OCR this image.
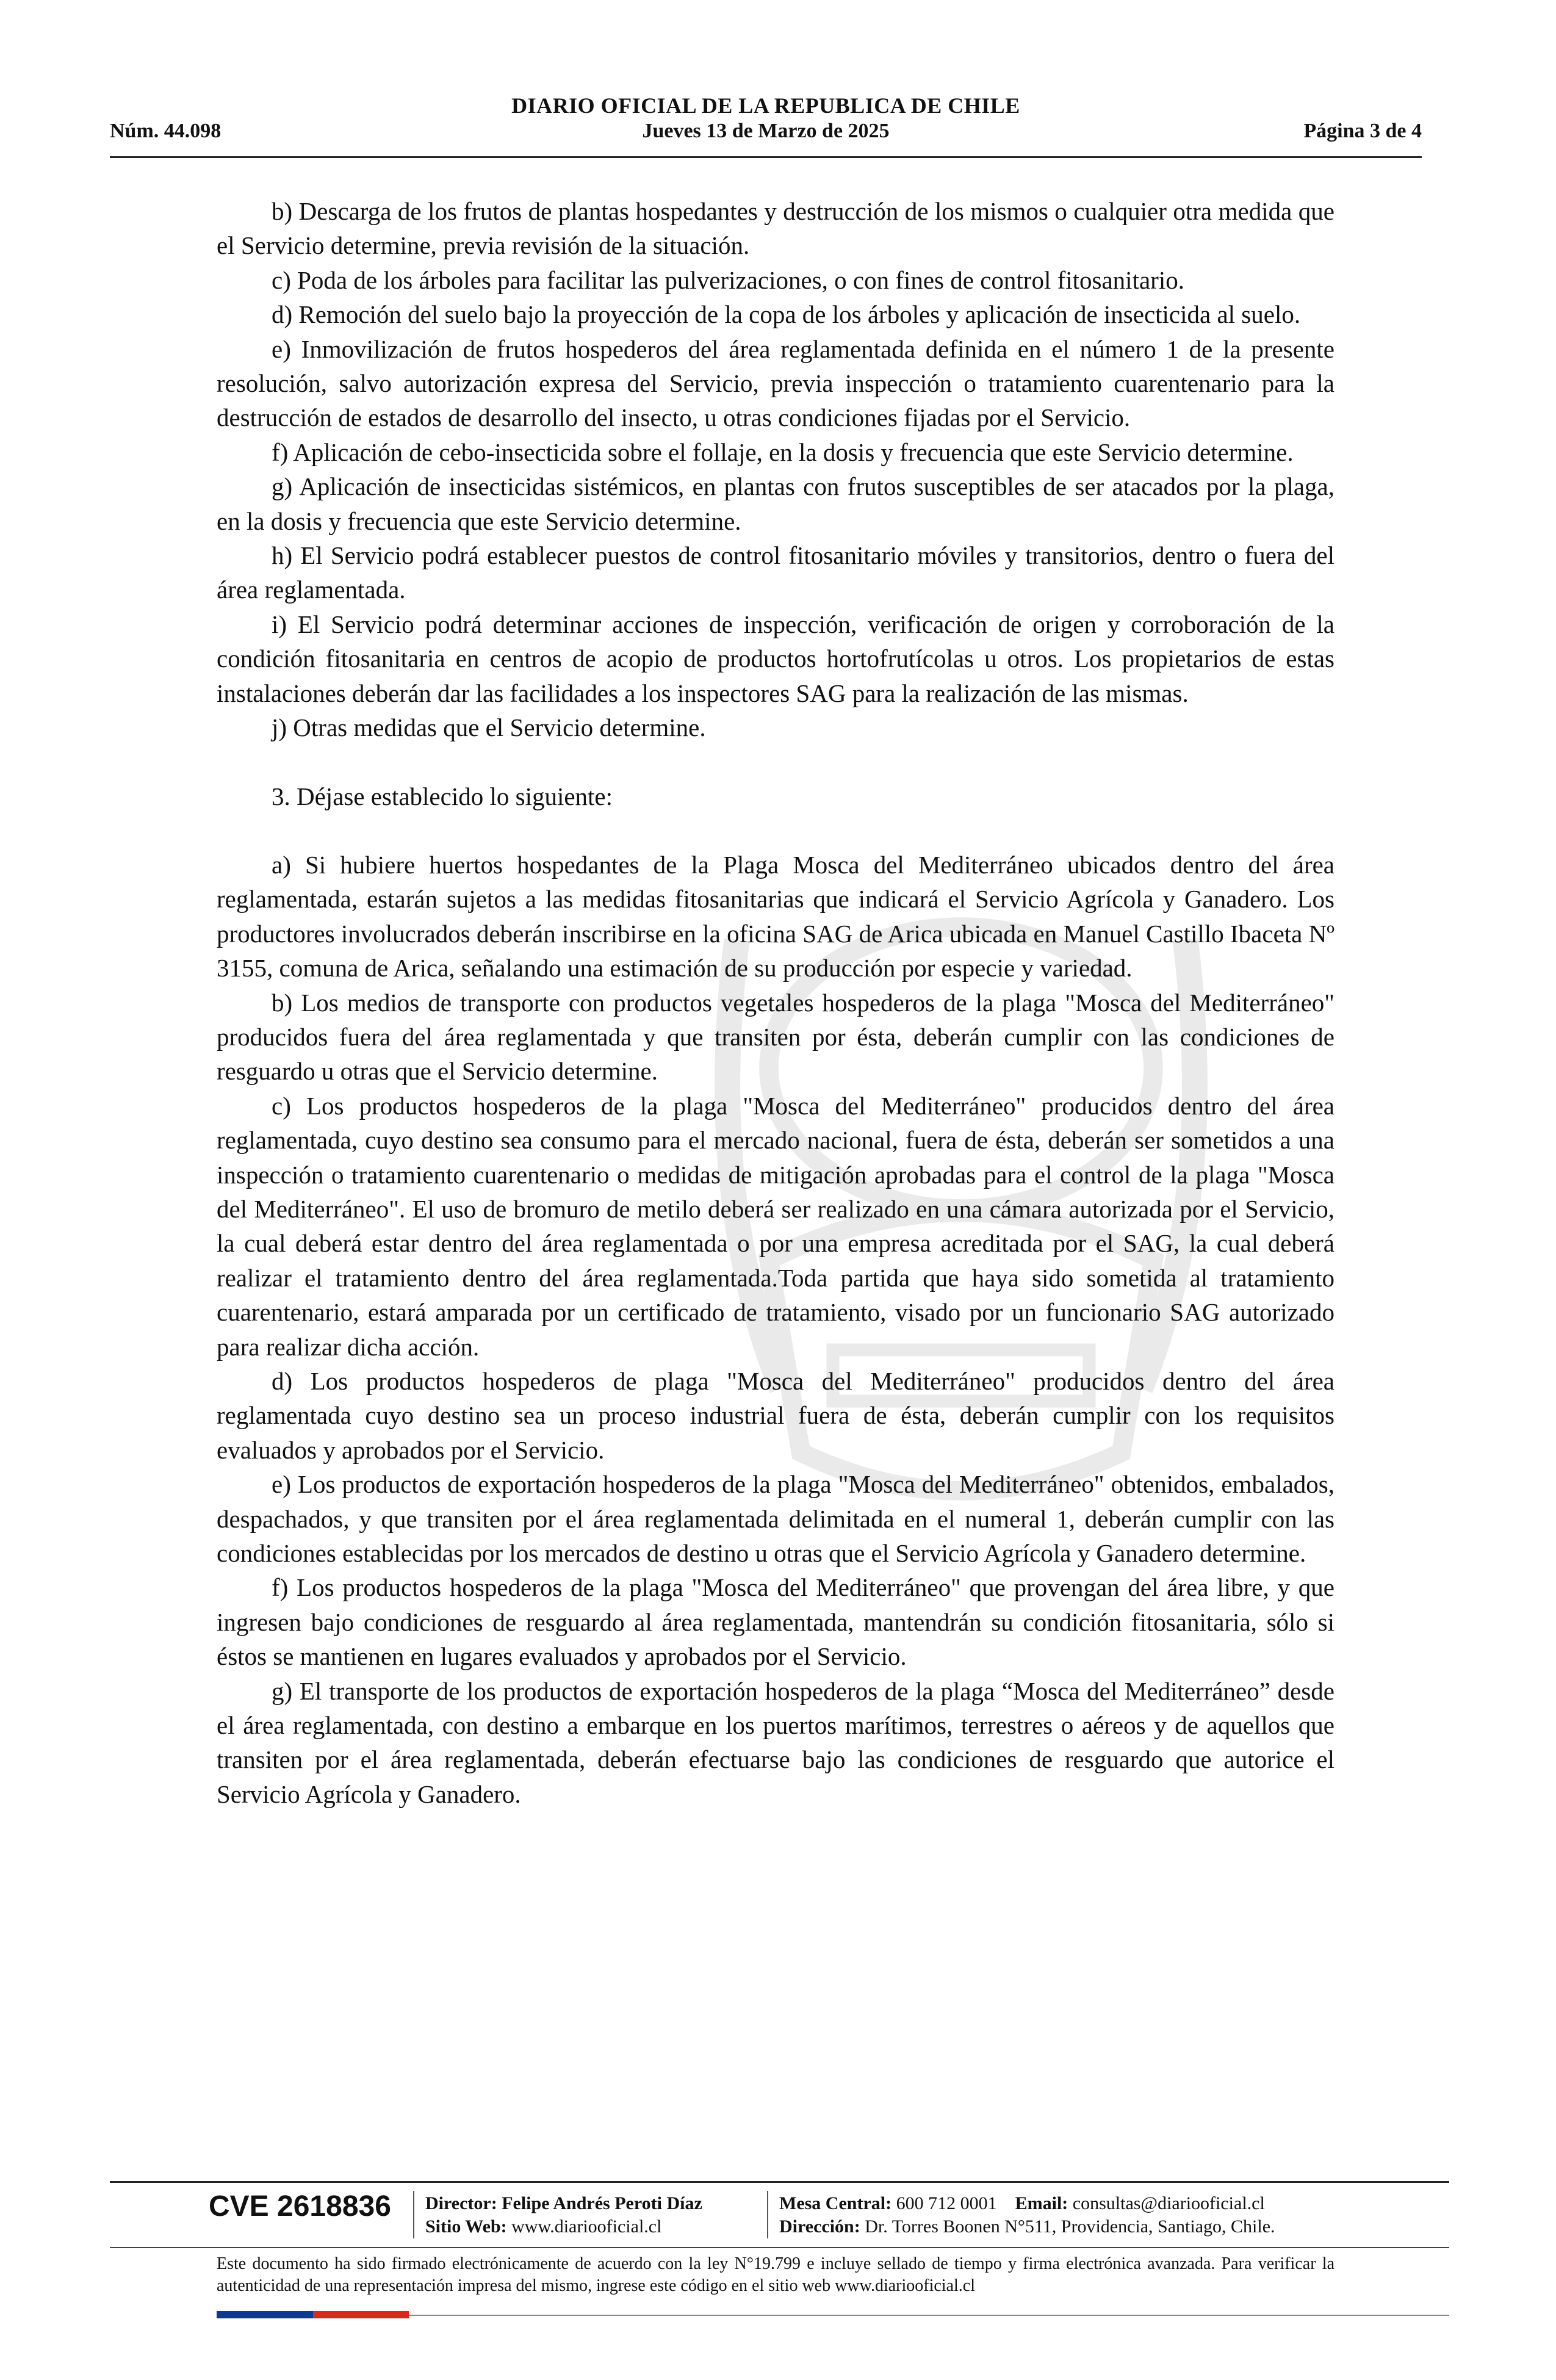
DIARIO OFICIAL DE LA REPUBLICA DE CHILE
Núm. 44.098	Jueves 13 de Marzo de 2025	Página 3 de 4

b) Descarga de los frutos de plantas hospedantes y destrucción de los mismos o cualquier otra medida que el Servicio determine, previa revisión de la situación.

c) Poda de los árboles para facilitar las pulverizaciones, o con fines de control fitosanitario.

d) Remoción del suelo bajo la proyección de la copa de los árboles y aplicación de insecticida al suelo.

e) Inmovilización de frutos hospederos del área reglamentada definida en el número 1 de la presente resolución, salvo autorización expresa del Servicio, previa inspección o tratamiento cuarentenario para la destrucción de estados de desarrollo del insecto, u otras condiciones fijadas por el Servicio.

f) Aplicación de cebo-insecticida sobre el follaje, en la dosis y frecuencia que este Servicio determine.

g) Aplicación de insecticidas sistémicos, en plantas con frutos susceptibles de ser atacados por la plaga, en la dosis y frecuencia que este Servicio determine.

h) El Servicio podrá establecer puestos de control fitosanitario móviles y transitorios, dentro o fuera del área reglamentada.

i) El Servicio podrá determinar acciones de inspección, verificación de origen y corroboración de la condición fitosanitaria en centros de acopio de productos hortofrutícolas u otros. Los propietarios de estas instalaciones deberán dar las facilidades a los inspectores SAG para la realización de las mismas.

j) Otras medidas que el Servicio determine.

3. Déjase establecido lo siguiente:

a) Si hubiere huertos hospedantes de la Plaga Mosca del Mediterráneo ubicados dentro del área reglamentada, estarán sujetos a las medidas fitosanitarias que indicará el Servicio Agrícola y Ganadero. Los productores involucrados deberán inscribirse en la oficina SAG de Arica ubicada en Manuel Castillo Ibaceta Nº 3155, comuna de Arica, señalando una estimación de su producción por especie y variedad.

b) Los medios de transporte con productos vegetales hospederos de la plaga "Mosca del Mediterráneo" producidos fuera del área reglamentada y que transiten por ésta, deberán cumplir con las condiciones de resguardo u otras que el Servicio determine.

c) Los productos hospederos de la plaga "Mosca del Mediterráneo" producidos dentro del área reglamentada, cuyo destino sea consumo para el mercado nacional, fuera de ésta, deberán ser sometidos a una inspección o tratamiento cuarentenario o medidas de mitigación aprobadas para el control de la plaga "Mosca del Mediterráneo". El uso de bromuro de metilo deberá ser realizado en una cámara autorizada por el Servicio, la cual deberá estar dentro del área reglamentada o por una empresa acreditada por el SAG, la cual deberá realizar el tratamiento dentro del área reglamentada.Toda partida que haya sido sometida al tratamiento cuarentenario, estará amparada por un certificado de tratamiento, visado por un funcionario SAG autorizado para realizar dicha acción.

d) Los productos hospederos de plaga "Mosca del Mediterráneo" producidos dentro del área reglamentada cuyo destino sea un proceso industrial fuera de ésta, deberán cumplir con los requisitos evaluados y aprobados por el Servicio.

e) Los productos de exportación hospederos de la plaga "Mosca del Mediterráneo" obtenidos, embalados, despachados, y que transiten por el área reglamentada delimitada en el numeral 1, deberán cumplir con las condiciones establecidas por los mercados de destino u otras que el Servicio Agrícola y Ganadero determine.

f) Los productos hospederos de la plaga "Mosca del Mediterráneo" que provengan del área libre, y que ingresen bajo condiciones de resguardo al área reglamentada, mantendrán su condición fitosanitaria, sólo si éstos se mantienen en lugares evaluados y aprobados por el Servicio.

g) El transporte de los productos de exportación hospederos de la plaga “Mosca del Mediterráneo” desde el área reglamentada, con destino a embarque en los puertos marítimos, terrestres o aéreos y de aquellos que transiten por el área reglamentada, deberán efectuarse bajo las condiciones de resguardo que autorice el Servicio Agrícola y Ganadero.

CVE 2618836 Director: Felipe Andrés Peroti Díaz
Sitio Web: www.diariooficial.cl
Mesa Central: 600 712 0001 Email: consultas@diariooficial.cl
Dirección: Dr. Torres Boonen N°511, Providencia, Santiago, Chile.
Este documento ha sido firmado electrónicamente de acuerdo con la ley N°19.799 e incluye sellado de tiempo y firma electrónica avanzada. Para verificar la autenticidad de una representación impresa del mismo, ingrese este código en el sitio web www.diariooficial.cl
